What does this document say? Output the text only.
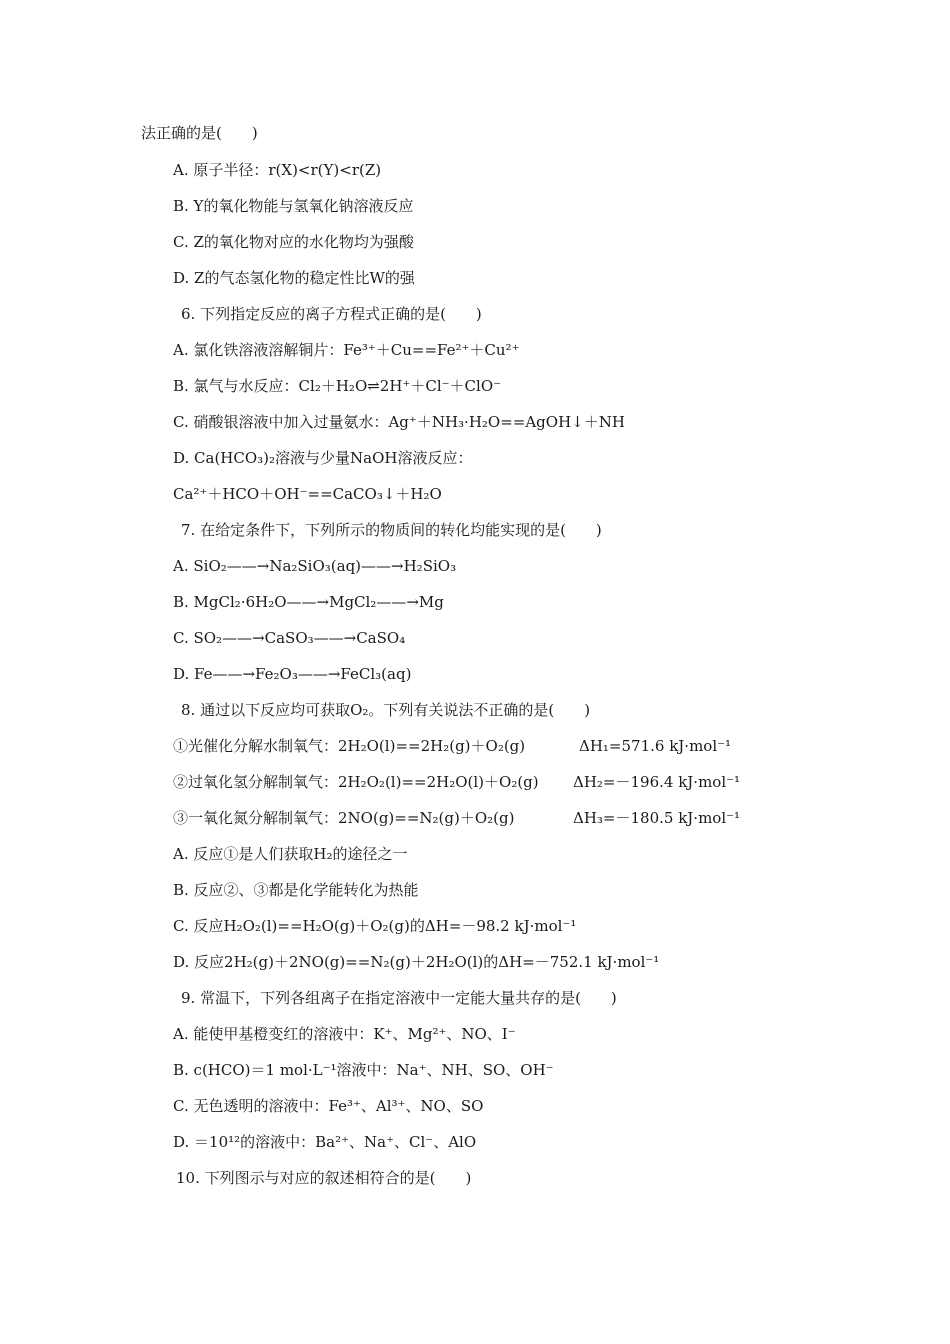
法正确的是(　　)
A. 原子半径：r(X)<r(Y)<r(Z)
B. Y的氧化物能与氢氧化钠溶液反应
C. Z的氧化物对应的水化物均为强酸
D. Z的气态氢化物的稳定性比W的强
6. 下列指定反应的离子方程式正确的是(　　)
A. 氯化铁溶液溶解铜片：Fe³⁺＋Cu==Fe²⁺＋Cu²⁺
B. 氯气与水反应：Cl₂＋H₂O⇌2H⁺＋Cl⁻＋ClO⁻
C. 硝酸银溶液中加入过量氨水：Ag⁺＋NH₃·H₂O==AgOH↓＋NH
D. Ca(HCO₃)₂溶液与少量NaOH溶液反应：
Ca²⁺＋HCO＋OH⁻==CaCO₃↓＋H₂O
7. 在给定条件下，下列所示的物质间的转化均能实现的是(　　)
A. SiO₂——→Na₂SiO₃(aq)——→H₂SiO₃
B. MgCl₂·6H₂O——→MgCl₂——→Mg
C. SO₂——→CaSO₃——→CaSO₄
D. Fe——→Fe₂O₃——→FeCl₃(aq)
8. 通过以下反应均可获取O₂。下列有关说法不正确的是(　　)
①光催化分解水制氧气：2H₂O(l)==2H₂(g)＋O₂(g)	ΔH₁=571.6 kJ·mol⁻¹
②过氧化氢分解制氧气：2H₂O₂(l)==2H₂O(l)＋O₂(g) ΔH₂=－196.4 kJ·mol⁻¹
③一氧化氮分解制氧气：2NO(g)==N₂(g)＋O₂(g)	ΔH₃=－180.5 kJ·mol⁻¹
A. 反应①是人们获取H₂的途径之一
B. 反应②、③都是化学能转化为热能
C. 反应H₂O₂(l)==H₂O(g)＋O₂(g)的ΔH=－98.2 kJ·mol⁻¹
D. 反应2H₂(g)＋2NO(g)==N₂(g)＋2H₂O(l)的ΔH=－752.1 kJ·mol⁻¹
9. 常温下，下列各组离子在指定溶液中一定能大量共存的是(　　)
A. 能使甲基橙变红的溶液中：K⁺、Mg²⁺、NO、I⁻
B. c(HCO)＝1 mol·L⁻¹溶液中：Na⁺、NH、SO、OH⁻
C. 无色透明的溶液中：Fe³⁺、Al³⁺、NO、SO
D. ＝10¹²的溶液中：Ba²⁺、Na⁺、Cl⁻、AlO
10. 下列图示与对应的叙述相符合的是(　　)
